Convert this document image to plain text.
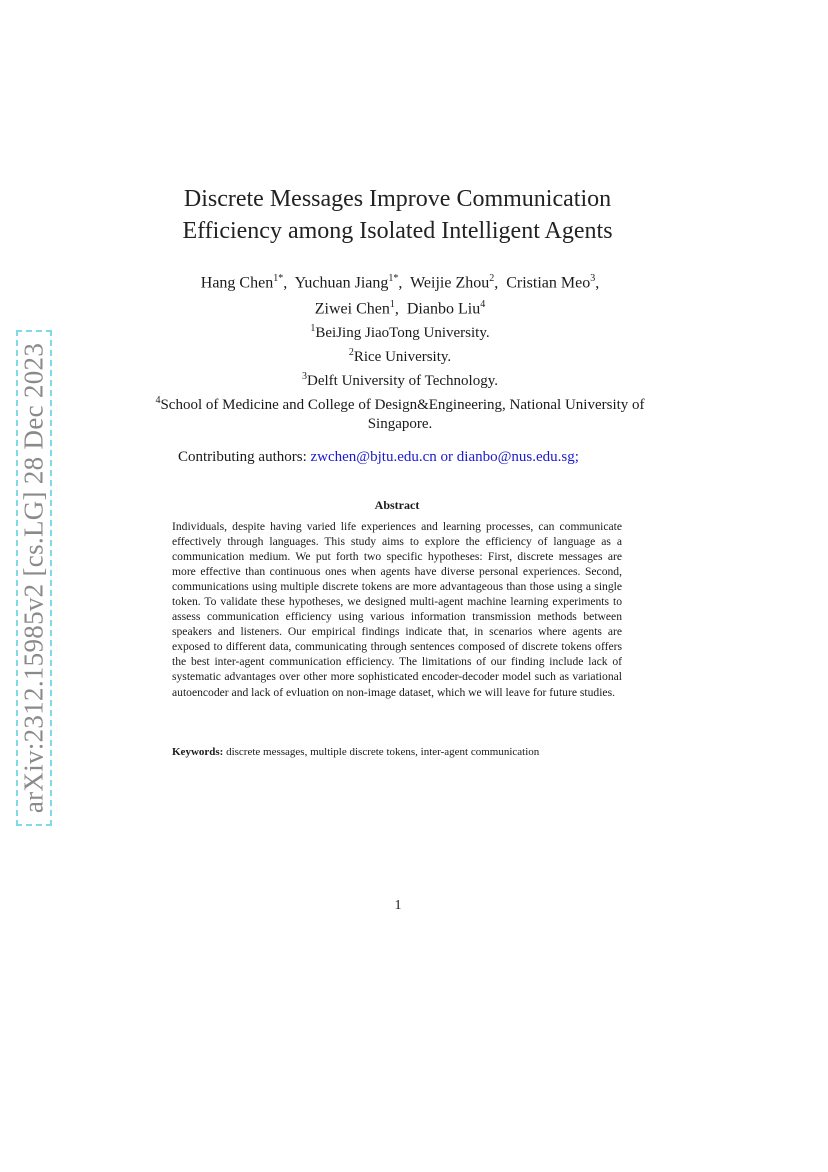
arXiv:2312.15985v2 [cs.LG] 28 Dec 2023
Discrete Messages Improve Communication
Efficiency among Isolated Intelligent Agents
Hang Chen$^{1*}$,  Yuchuan Jiang$^{1*}$,  Weijie Zhou$^2$,  Cristian Meo$^3$,
Ziwei Chen$^1$,  Dianbo Liu$^4$
$^1$BeiJing JiaoTong University.
$^2$Rice University.
$^3$Delft University of Technology.
$^4$School of Medicine and College of Design&Engineering, National University of Singapore.
Contributing authors: zwchen@bjtu.edu.cn or dianbo@nus.edu.sg;
Abstract
Individuals, despite having varied life experiences and learning processes, can communicate effectively through languages. This study aims to explore the efficiency of language as a communication medium. We put forth two specific hypotheses: First, discrete messages are more effective than continuous ones when agents have diverse personal experiences. Second, communications using multiple discrete tokens are more advantageous than those using a single token. To validate these hypotheses, we designed multi-agent machine learning experiments to assess communication efficiency using various information transmission methods between speakers and listeners. Our empirical findings indicate that, in scenarios where agents are exposed to different data, communicating through sentences composed of discrete tokens offers the best inter-agent communication efficiency. The limitations of our finding include lack of systematic advantages over other more sophisticated encoder-decoder model such as variational autoencoder and lack of evluation on non-image dataset, which we will leave for future studies.
Keywords: discrete messages, multiple discrete tokens, inter-agent communication
1
